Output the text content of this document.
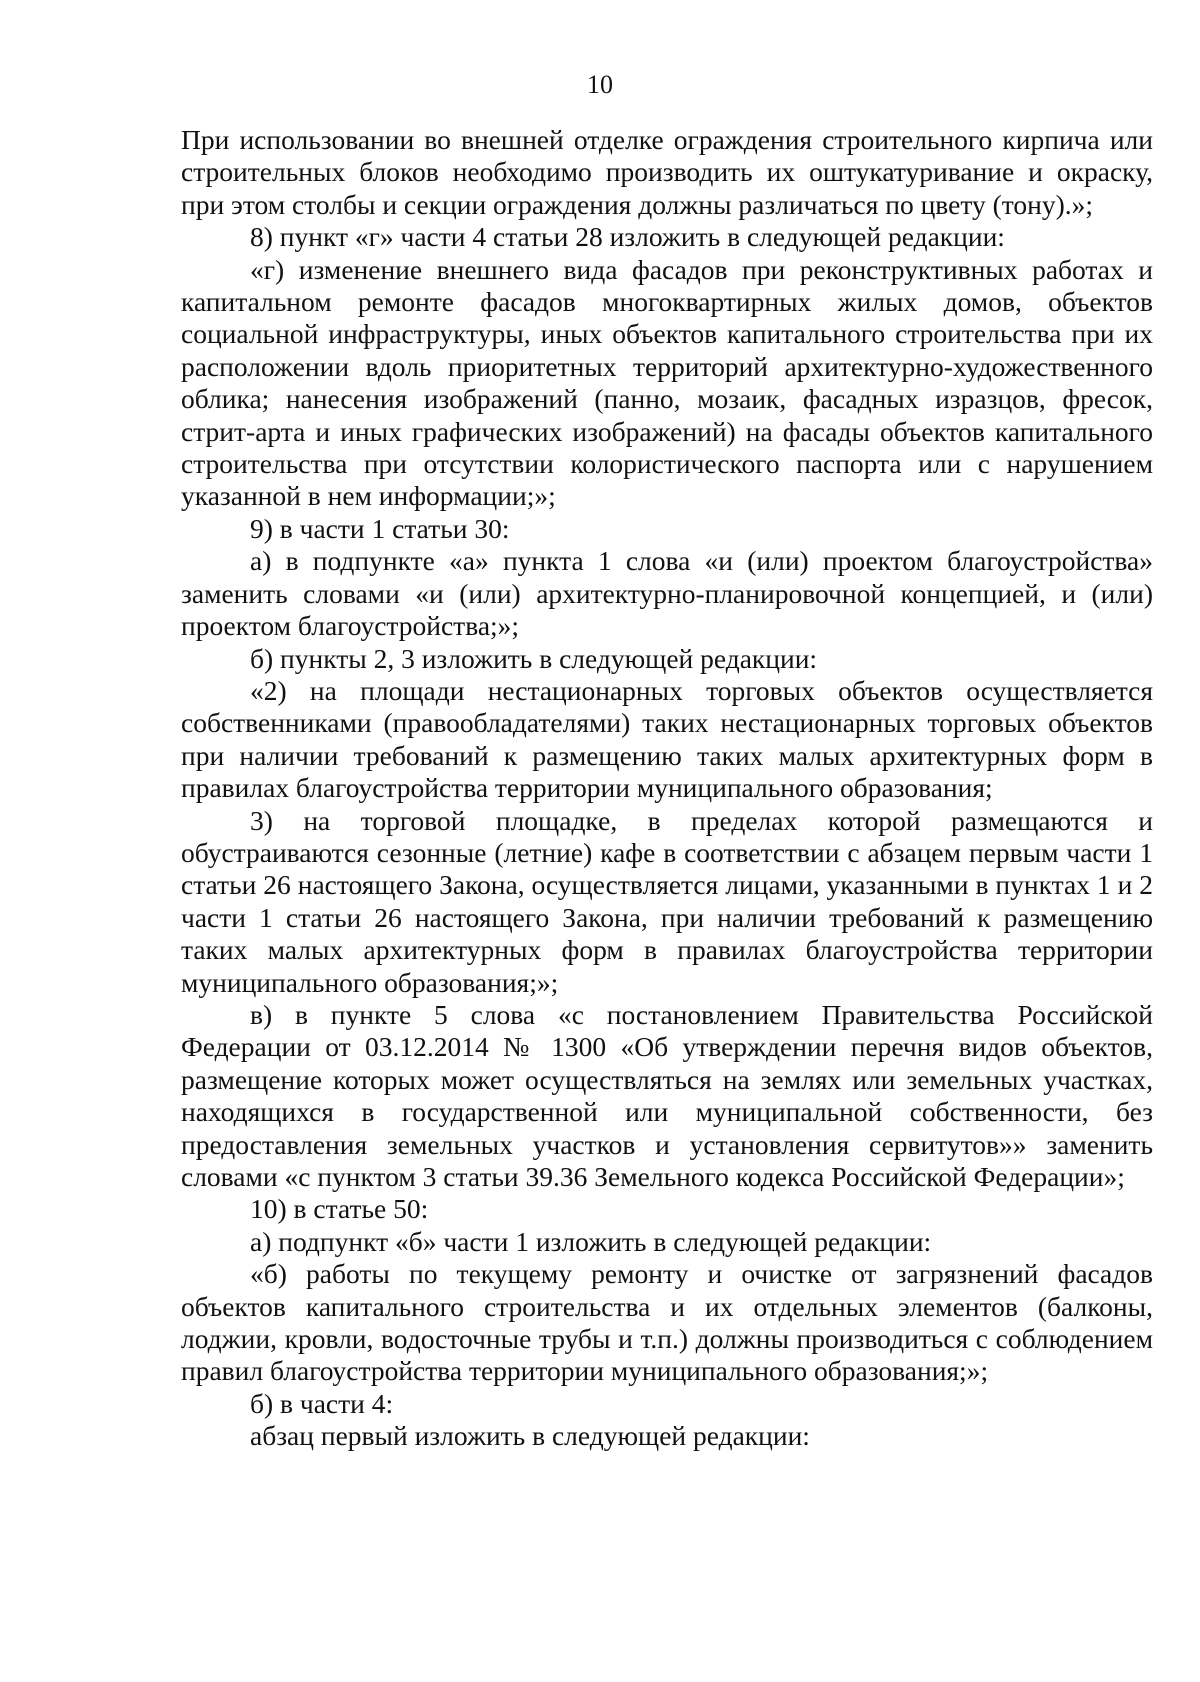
10

При использовании во внешней отделке ограждения строительного кирпича или строительных блоков необходимо производить их оштукатуривание и окраску, при этом столбы и секции ограждения должны различаться по цвету (тону).»;

8) пункт «г» части 4 статьи 28 изложить в следующей редакции:

«г) изменение внешнего вида фасадов при реконструктивных работах и капитальном ремонте фасадов многоквартирных жилых домов, объектов социальной инфраструктуры, иных объектов капитального строительства при их расположении вдоль приоритетных территорий архитектурно-художественного облика; нанесения изображений (панно, мозаик, фасадных изразцов, фресок, стрит-арта и иных графических изображений) на фасады объектов капитального строительства при отсутствии колористического паспорта или с нарушением указанной в нем информации;»;

9) в части 1 статьи 30:

а) в подпункте «а» пункта 1 слова «и (или) проектом благоустройства» заменить словами «и (или) архитектурно-планировочной концепцией, и (или) проектом благоустройства;»;

б) пункты 2, 3 изложить в следующей редакции:

«2) на площади нестационарных торговых объектов осуществляется собственниками (правообладателями) таких нестационарных торговых объектов при наличии требований к размещению таких малых архитектурных форм в правилах благоустройства территории муниципального образования;

3) на торговой площадке, в пределах которой размещаются и обустраиваются сезонные (летние) кафе в соответствии с абзацем первым части 1 статьи 26 настоящего Закона, осуществляется лицами, указанными в пунктах 1 и 2 части 1 статьи 26 настоящего Закона, при наличии требований к размещению таких малых архитектурных форм в правилах благоустройства территории муниципального образования;»;

в) в пункте 5 слова «с постановлением Правительства Российской Федерации от 03.12.2014 № 1300 «Об утверждении перечня видов объектов, размещение которых может осуществляться на землях или земельных участках, находящихся в государственной или муниципальной собственности, без предоставления земельных участков и установления сервитутов»» заменить словами «с пунктом 3 статьи 39.36 Земельного кодекса Российской Федерации»;

10) в статье 50:

а) подпункт «б» части 1 изложить в следующей редакции:

«б) работы по текущему ремонту и очистке от загрязнений фасадов объектов капитального строительства и их отдельных элементов (балконы, лоджии, кровли, водосточные трубы и т.п.) должны производиться с соблюдением правил благоустройства территории муниципального образования;»;

б) в части 4:

абзац первый изложить в следующей редакции:
